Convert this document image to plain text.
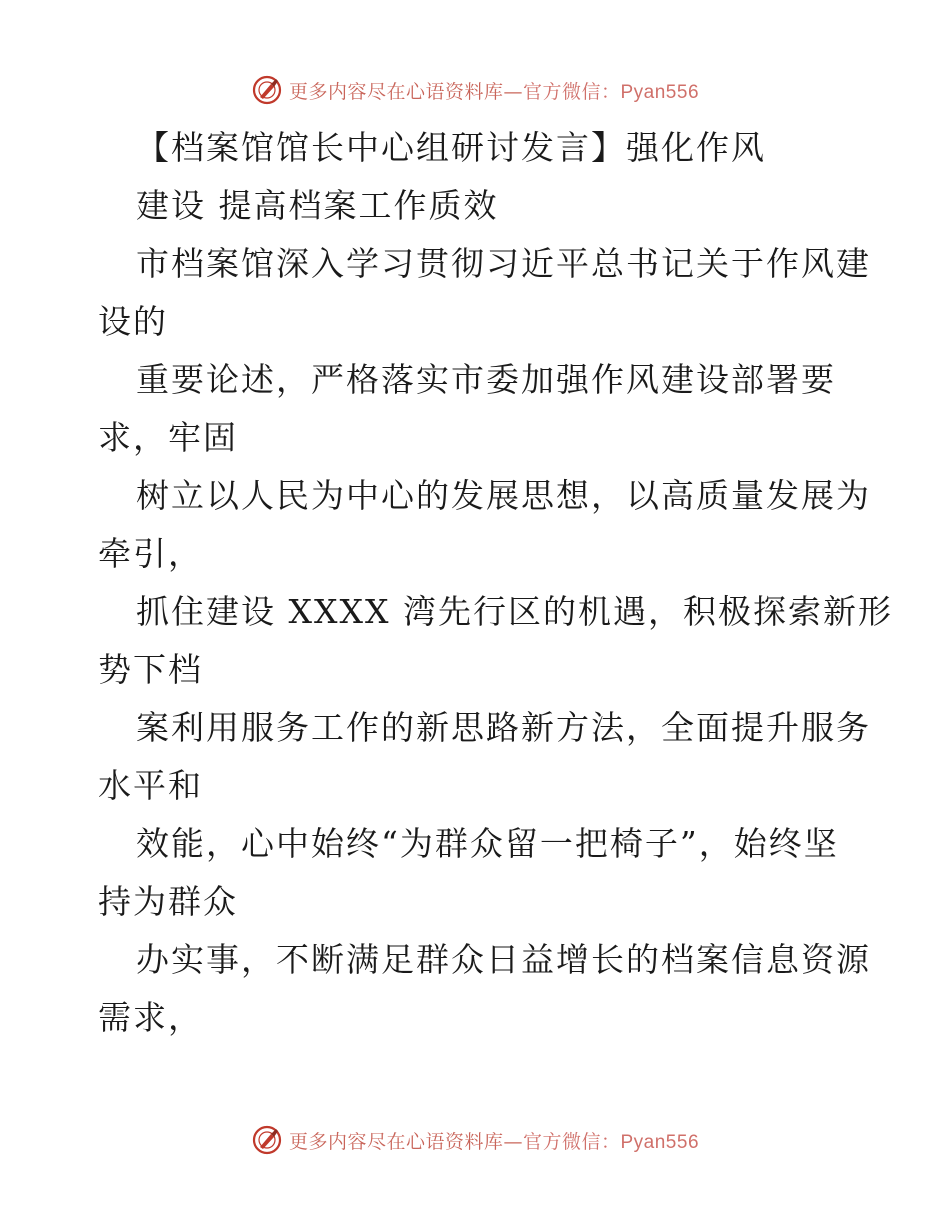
更多内容尽在心语资料库—官方微信：Pyan556
【档案馆馆长中心组研讨发言】强化作风
建设 提高档案工作质效
市档案馆深入学习贯彻习近平总书记关于作风建
设的
重要论述，严格落实市委加强作风建设部署要
求，牢固
树立以人民为中心的发展思想，以高质量发展为
牵引，
抓住建设 XXXX 湾先行区的机遇，积极探索新形
势下档
案利用服务工作的新思路新方法，全面提升服务
水平和
效能，心中始终“为群众留一把椅子”，始终坚
持为群众
办实事，不断满足群众日益增长的档案信息资源
需求，
更多内容尽在心语资料库—官方微信：Pyan556
